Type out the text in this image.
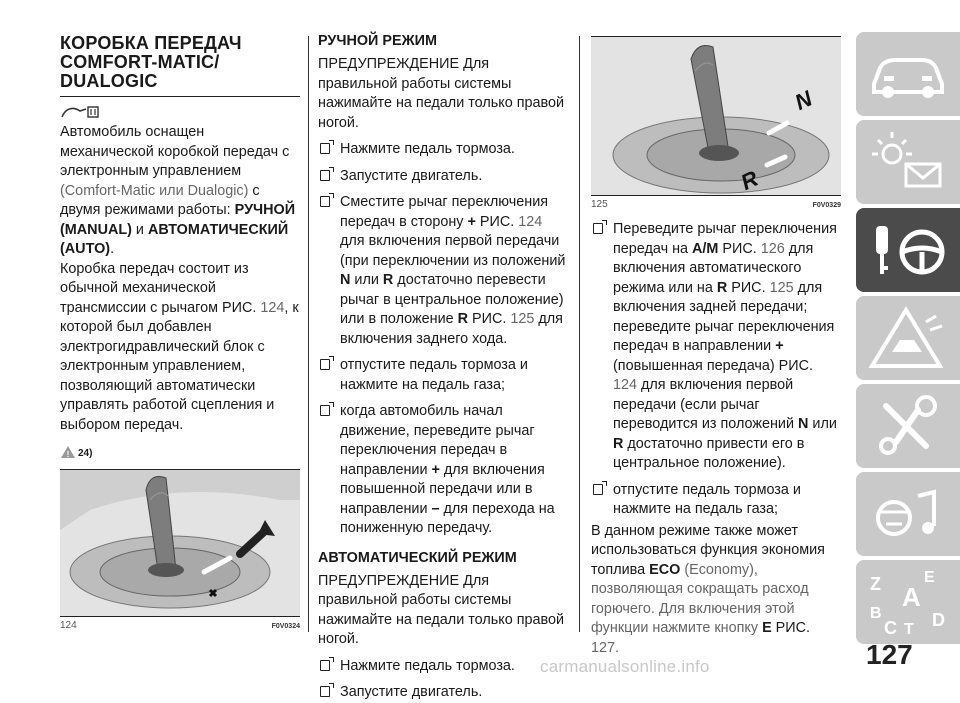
КОРОБКА ПЕРЕДАЧ
COMFORT-MATIC/
DUALOGIC

Автомобиль оснащен механической коробкой передач с электронным управлением (Comfort-Matic или Dualogic) с двумя режимами работы: РУЧНОЙ (MANUAL) и АВТОМАТИЧЕСКИЙ (AUTO).

Коробка передач состоит из обычной механической трансмиссии с рычагом РИС. 124, к которой был добавлен электрогидравлический блок с электронным управлением, позволяющий автоматически управлять работой сцепления и выбором передач.

! 24)
124	F0V0324
РУЧНОЙ РЕЖИМ

ПРЕДУПРЕЖДЕНИЕ Для правильной работы системы нажимайте на педали только правой ногой.

Нажмите педаль тормоза.

Запустите двигатель.

Сместите рычаг переключения передач в сторону + РИС. 124 для включения первой передачи (при переключении из положений N или R достаточно перевести рычаг в центральное положение) или в положение R РИС. 125 для включения заднего хода.

отпустите педаль тормоза и нажмите на педаль газа;

когда автомобиль начал движение, переведите рычаг переключения передач в направлении + для включения повышенной передачи или в направлении – для перехода на пониженную передачу.

АВТОМАТИЧЕСКИЙ РЕЖИМ

ПРЕДУПРЕЖДЕНИЕ Для правильной работы системы нажимайте на педали только правой ногой.

Нажмите педаль тормоза.

Запустите двигатель.

N
R
125	F0V0329

Переведите рычаг переключения передач на A/M РИС. 126 для включения автоматического режима или на R РИС. 125 для включения задней передачи; переведите рычаг переключения передач в направлении + (повышенная передача) РИС. 124 для включения первой передачи (если рычаг переводится из положений N или R достаточно привести его в центральное положение).

отпустите педаль тормоза и нажмите на педаль газа;

В данном режиме также может использоваться функция экономия топлива ECO (Economy), позволяющая сокращать расход горючего. Для включения этой функции нажмите кнопку E РИС.
127.

Z	E
A
B
C T D
127
carmanualsonline.info
